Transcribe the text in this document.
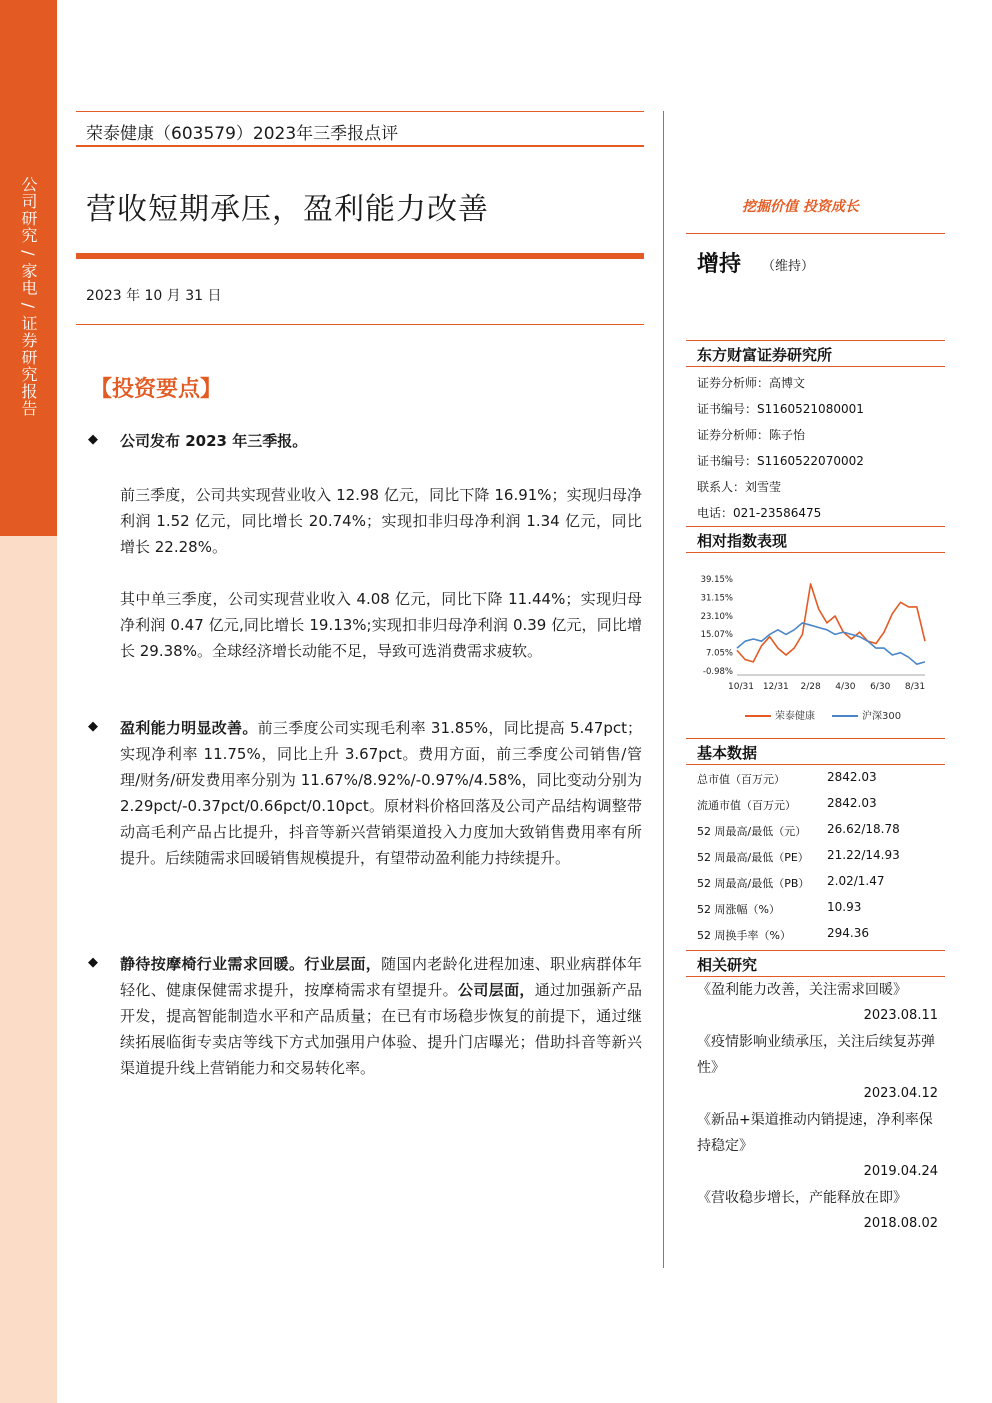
公司研究 / 家电 / 证券研究报告
荣泰健康（603579）2023年三季报点评
营收短期承压，盈利能力改善
2023 年 10 月 31 日
【投资要点】
◆ 公司发布 2023 年三季报。
前三季度，公司共实现营业收入 12.98 亿元，同比下降 16.91%；实现归母净利润 1.52 亿元，同比增长 20.74%；实现扣非归母净利润 1.34 亿元，同比增长 22.28%。
其中单三季度，公司实现营业收入 4.08 亿元，同比下降 11.44%；实现归母净利润 0.47 亿元,同比增长 19.13%;实现扣非归母净利润 0.39 亿元，同比增长 29.38%。全球经济增长动能不足，导致可选消费需求疲软。
◆ 盈利能力明显改善。前三季度公司实现毛利率 31.85%，同比提高 5.47pct；实现净利率 11.75%，同比上升 3.67pct。费用方面，前三季度公司销售/管理/财务/研发费用率分别为 11.67%/8.92%/-0.97%/4.58%，同比变动分别为 2.29pct/-0.37pct/0.66pct/0.10pct。原材料价格回落及公司产品结构调整带动高毛利产品占比提升，抖音等新兴营销渠道投入力度加大致销售费用率有所提升。后续随需求回暖销售规模提升，有望带动盈利能力持续提升。
◆ 静待按摩椅行业需求回暖。行业层面，随国内老龄化进程加速、职业病群体年轻化、健康保健需求提升，按摩椅需求有望提升。公司层面，通过加强新产品开发，提高智能制造水平和产品质量；在已有市场稳步恢复的前提下，通过继续拓展临街专卖店等线下方式加强用户体验、提升门店曝光；借助抖音等新兴渠道提升线上营销能力和交易转化率。
挖掘价值 投资成长
增持 （维持）
东方财富证券研究所
证券分析师：高博文
证书编号：S1160521080001
证券分析师：陈子怡
证书编号：S1160522070002
联系人：刘雪莹
电话：021-23586475
相对指数表现
39.15%
31.15%
23.10%
15.07%
7.05%
-0.98%
10/31 12/31 2/28 4/30 6/30 8/31
荣泰健康	沪深300
基本数据
总市值（百万元）	2842.03
流通市值（百万元）	2842.03
52 周最高/最低（元） 26.62/18.78
52 周最高/最低（PE） 21.22/14.93
52 周最高/最低（PB） 2.02/1.47
52 周涨幅（%）	10.93
52 周换手率（%）	294.36
相关研究
《盈利能力改善，关注需求回暖》
2023.08.11
《疫情影响业绩承压，关注后续复苏弹性》
2023.04.12
《新品+渠道推动内销提速，净利率保持稳定》
2019.04.24
《营收稳步增长，产能释放在即》
2018.08.02
